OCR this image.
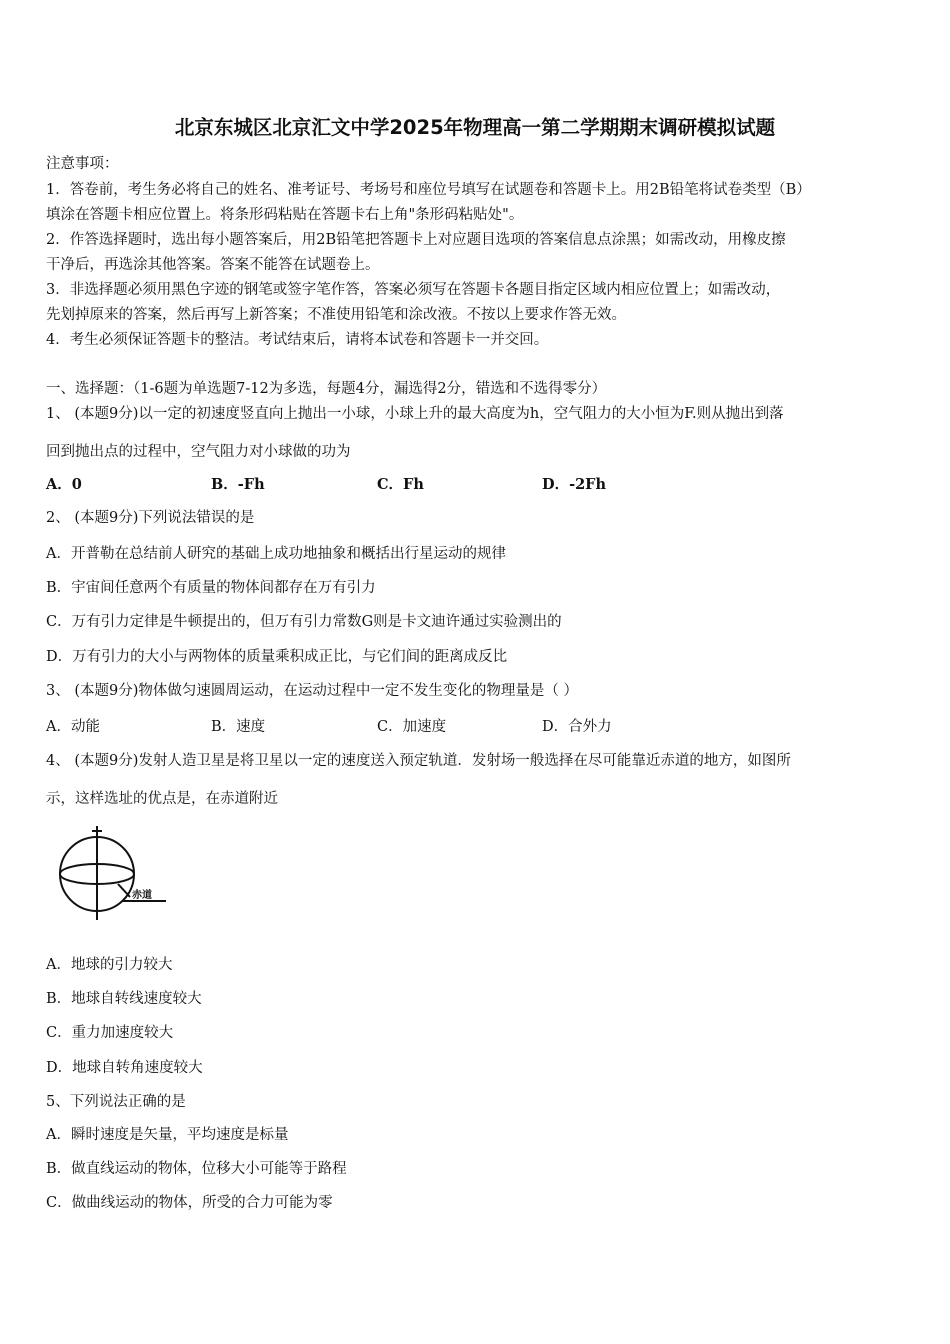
北京东城区北京汇文中学2025年物理高一第二学期期末调研模拟试题
注意事项：
1．答卷前，考生务必将自己的姓名、准考证号、考场号和座位号填写在试题卷和答题卡上。用2B铅笔将试卷类型（B）
填涂在答题卡相应位置上。将条形码粘贴在答题卡右上角"条形码粘贴处"。
2．作答选择题时，选出每小题答案后，用2B铅笔把答题卡上对应题目选项的答案信息点涂黑；如需改动，用橡皮擦
干净后，再选涂其他答案。答案不能答在试题卷上。
3．非选择题必须用黑色字迹的钢笔或签字笔作答，答案必须写在答题卡各题目指定区域内相应位置上；如需改动，
先划掉原来的答案，然后再写上新答案；不准使用铅笔和涂改液。不按以上要求作答无效。
4．考生必须保证答题卡的整洁。考试结束后，请将本试卷和答题卡一并交回。
一、选择题：（1-6题为单选题7-12为多选，每题4分，漏选得2分，错选和不选得零分）
1、 (本题9分)以一定的初速度竖直向上抛出一小球，小球上升的最大高度为h，空气阻力的大小恒为F.则从抛出到落
回到抛出点的过程中，空气阻力对小球做的功为
A．0	B．-Fh	C．Fh	D．-2Fh
2、 (本题9分)下列说法错误的是
A．开普勒在总结前人研究的基础上成功地抽象和概括出行星运动的规律
B．宇宙间任意两个有质量的物体间都存在万有引力
C．万有引力定律是牛顿提出的，但万有引力常数G则是卡文迪许通过实验测出的
D．万有引力的大小与两物体的质量乘积成正比，与它们间的距离成反比
3、 (本题9分)物体做匀速圆周运动，在运动过程中一定不发生变化的物理量是（ ）
A．动能	B．速度	C．加速度	D．合外力
4、 (本题9分)发射人造卫星是将卫星以一定的速度送入预定轨道．发射场一般选择在尽可能靠近赤道的地方，如图所
示，这样选址的优点是，在赤道附近
赤道
A．地球的引力较大
B．地球自转线速度较大
C．重力加速度较大
D．地球自转角速度较大
5、下列说法正确的是
A．瞬时速度是矢量，平均速度是标量
B．做直线运动的物体，位移大小可能等于路程
C．做曲线运动的物体，所受的合力可能为零
